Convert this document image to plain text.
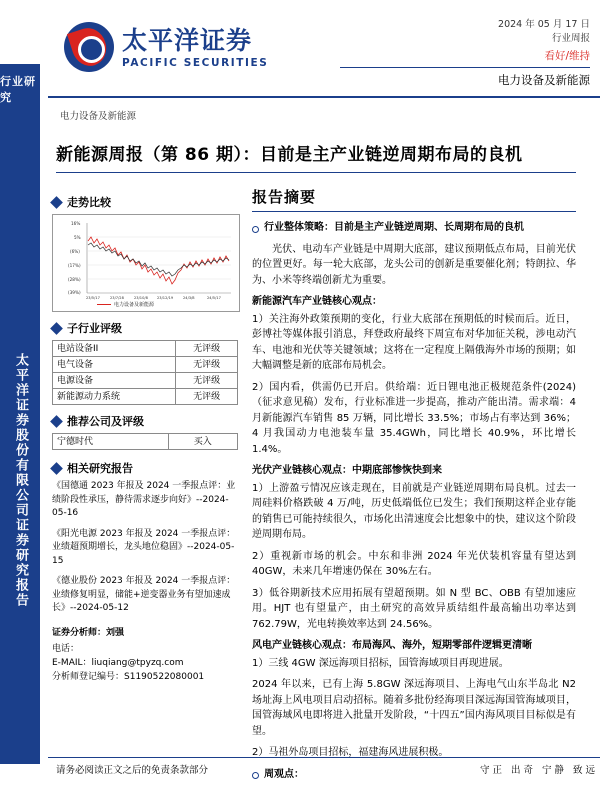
行业研究
太平洋证券股份有限公司证券研究报告
太平洋证券
PACIFIC SECURITIES
2024 年 05 月 17 日
行业周报
看好/维持
电力设备及新能源
电力设备及新能源
新能源周报（第 86 期）：目前是主产业链逆周期布局的良机
走势比较
16%
5%
(6%)
(17%)
(28%)
(39%)
23/5/17	23/7/28	23/10/8	23/12/19	24/3/8	24/5/17
电力设备及新能源
子行业评级
电站设备II	无评级
电气设备	无评级
电源设备	无评级
新能源动力系统	无评级
推荐公司及评级
宁德时代	买入
相关研究报告
《国德通 2023 年报及 2024 一季报点评：业绩阶段性承压，静待需求逐步向好》--2024-05-16
《阳光电源 2023 年报及 2024 一季报点评：业绩超预期增长，龙头地位稳固》--2024-05-15
《德业股份 2023 年报及 2024 一季报点评：业绩修复明显，储能+逆变器业务有望加速成长》--2024-05-12
证券分析师：刘强
电话：
E-MAIL：liuqiang@tpyzq.com
分析师登记编号：S1190522080001
报告摘要
行业整体策略：目前是主产业链逆周期、长周期布局的良机
光伏、电动车产业链是中周期大底部，建议预期低点布局，目前光伏的位置更好。每一轮大底部，龙头公司的创新是重要催化剂；特朗拉、华为、小米等终端创新尤为重要。
新能源汽车产业链核心观点：
1）关注海外政策预期的变化，行业大底部在预期低的时候而后。近日，彭博社等媒体报引消息，拜登政府最终下周宣布对华加征关税，涉电动汽车、电池和光伏等关键领域；这将在一定程度上隔俄海外市场的预期；如大幅调整是新的底部布局机会。
2）国内看，供需仍已开启。供给端：近日锂电池正极规范条件(2024)（征求意见稿）发布，行业标准进一步提高，推动产能出清。需求端：4 月新能源汽车销售 85 万辆，同比增长 33.5%；市场占有率达到 36%；4 月我国动力电池装车量 35.4GWh，同比增长 40.9%，环比增长 1.4%。
光伏产业链核心观点：中期底部惨恢快到来
1）上游盈亏情况应该走现在，目前就是产业链逆周期布局良机。过去一周硅料价格跌破 4 万/吨，历史低端低位已发生；我们预期这样企业存能的销售已可能持续很久，市场化出清速度会比想象中的快，建议这个阶段逆周期布局。
2）重视新市场的机会。中东和非洲 2024 年光伏装机容量有望达到 40GW，未来几年增速仍保在 30%左右。
3）低谷期新技术应用拓展有望超预期。如 N 型 BC、OBB 有望加速应用。HJT 也有望量产，由土研究的高效异质结组件最高输出功率达到 762.79W，光电转换效率达到 24.56%。
风电产业链核心观点：布局海风、海外，短期零部件逻辑更清晰
1）三线 4GW 深远海项目招标，国管海域项目再现进展。
2024 年以来，已有上海 5.8GW 深远海项目、上海电气山东半岛北 N2 场址海上风电项目启动招标。随着多批份经海项目深远海国管海域项目，国管海域风电即将进入批量开发阶段，“十四五”国内海风项目目标似是有望。
2）马祖外岛项目招标，福建海风进展积极。
周观点：
请务必阅读正文之后的免责条款部分	守正 出奇 宁静 致远
